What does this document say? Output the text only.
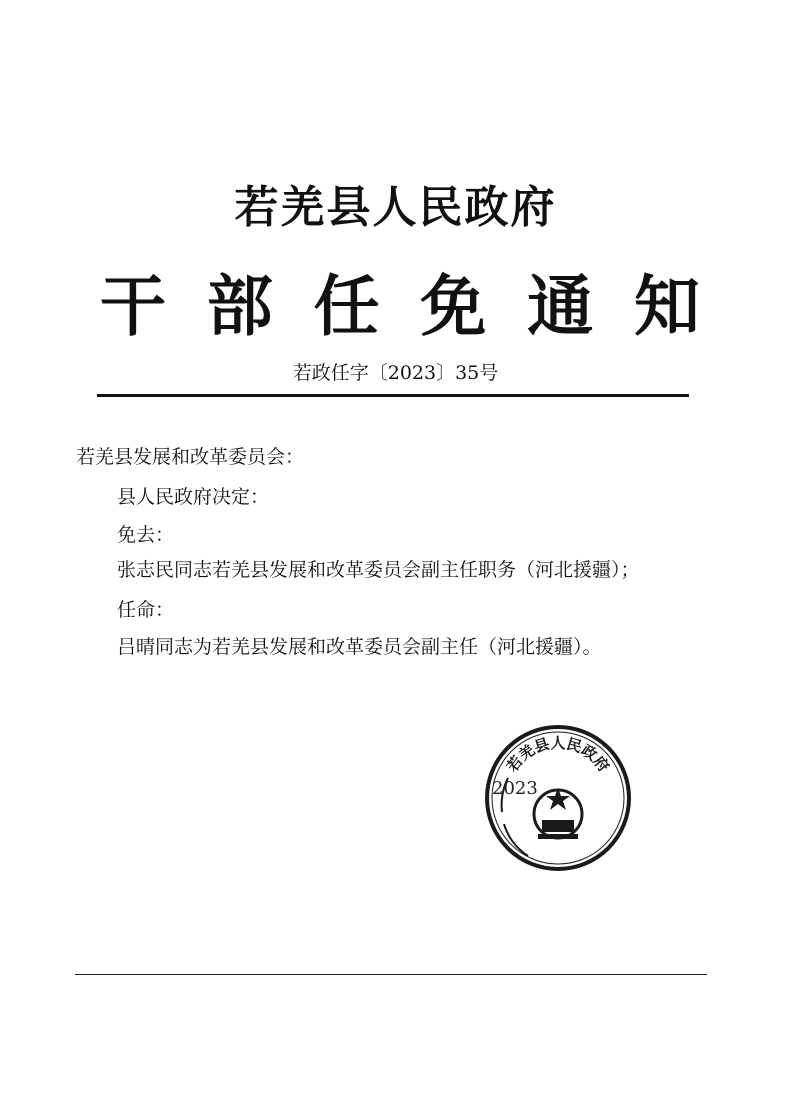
若羌县人民政府
干 部 任 免 通 知
若政任字〔2023〕35号
若羌县发展和改革委员会：
县人民政府决定：
免去：
张志民同志若羌县发展和改革委员会副主任职务（河北援疆）；
任命：
吕晴同志为若羌县发展和改革委员会副主任（河北援疆）。
若羌县人民政府
2023
